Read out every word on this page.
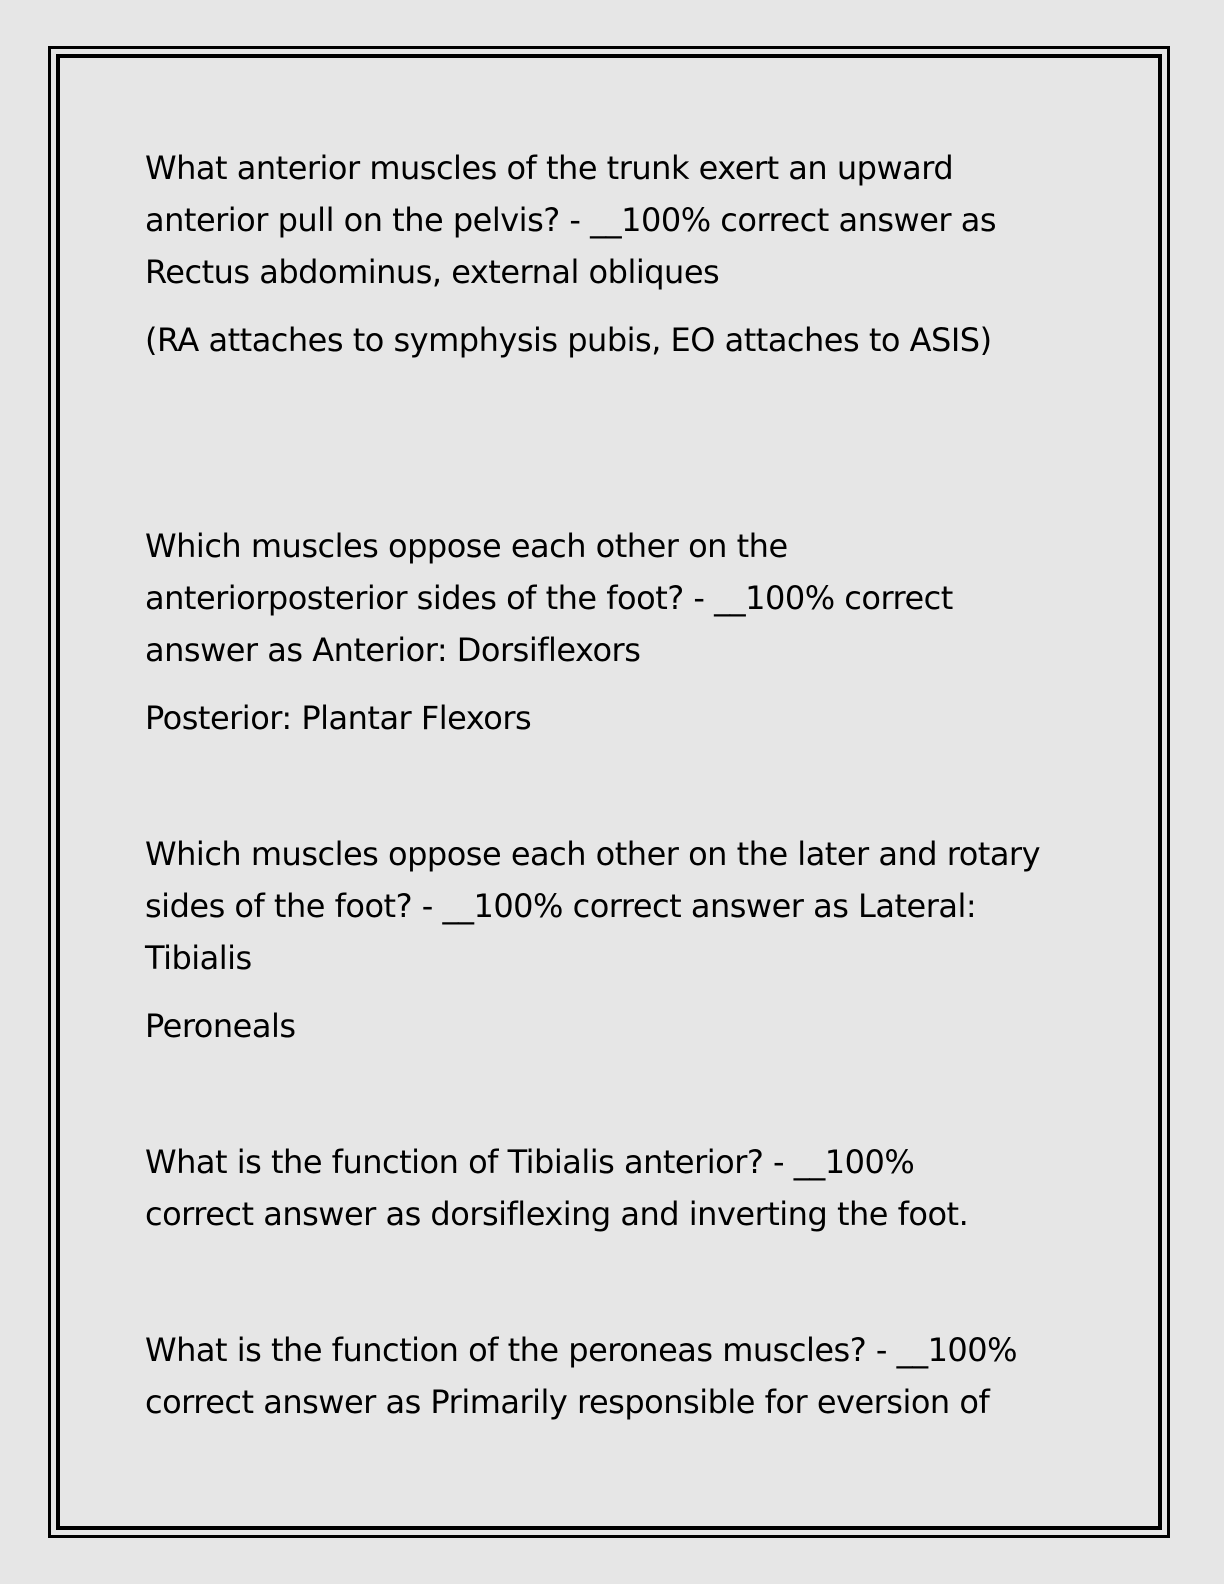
What anterior muscles of the trunk exert an upward
anterior pull on the pelvis? - __100% correct answer as
Rectus abdominus, external obliques
(RA attaches to symphysis pubis, EO attaches to ASIS)
Which muscles oppose each other on the
anteriorposterior sides of the foot? - __100% correct
answer as Anterior: Dorsiflexors
Posterior: Plantar Flexors
Which muscles oppose each other on the later and rotary
sides of the foot? - __100% correct answer as Lateral:
Tibialis
Peroneals
What is the function of Tibialis anterior? - __100%
correct answer as dorsiflexing and inverting the foot.
What is the function of the peroneas muscles? - __100%
correct answer as Primarily responsible for eversion of
